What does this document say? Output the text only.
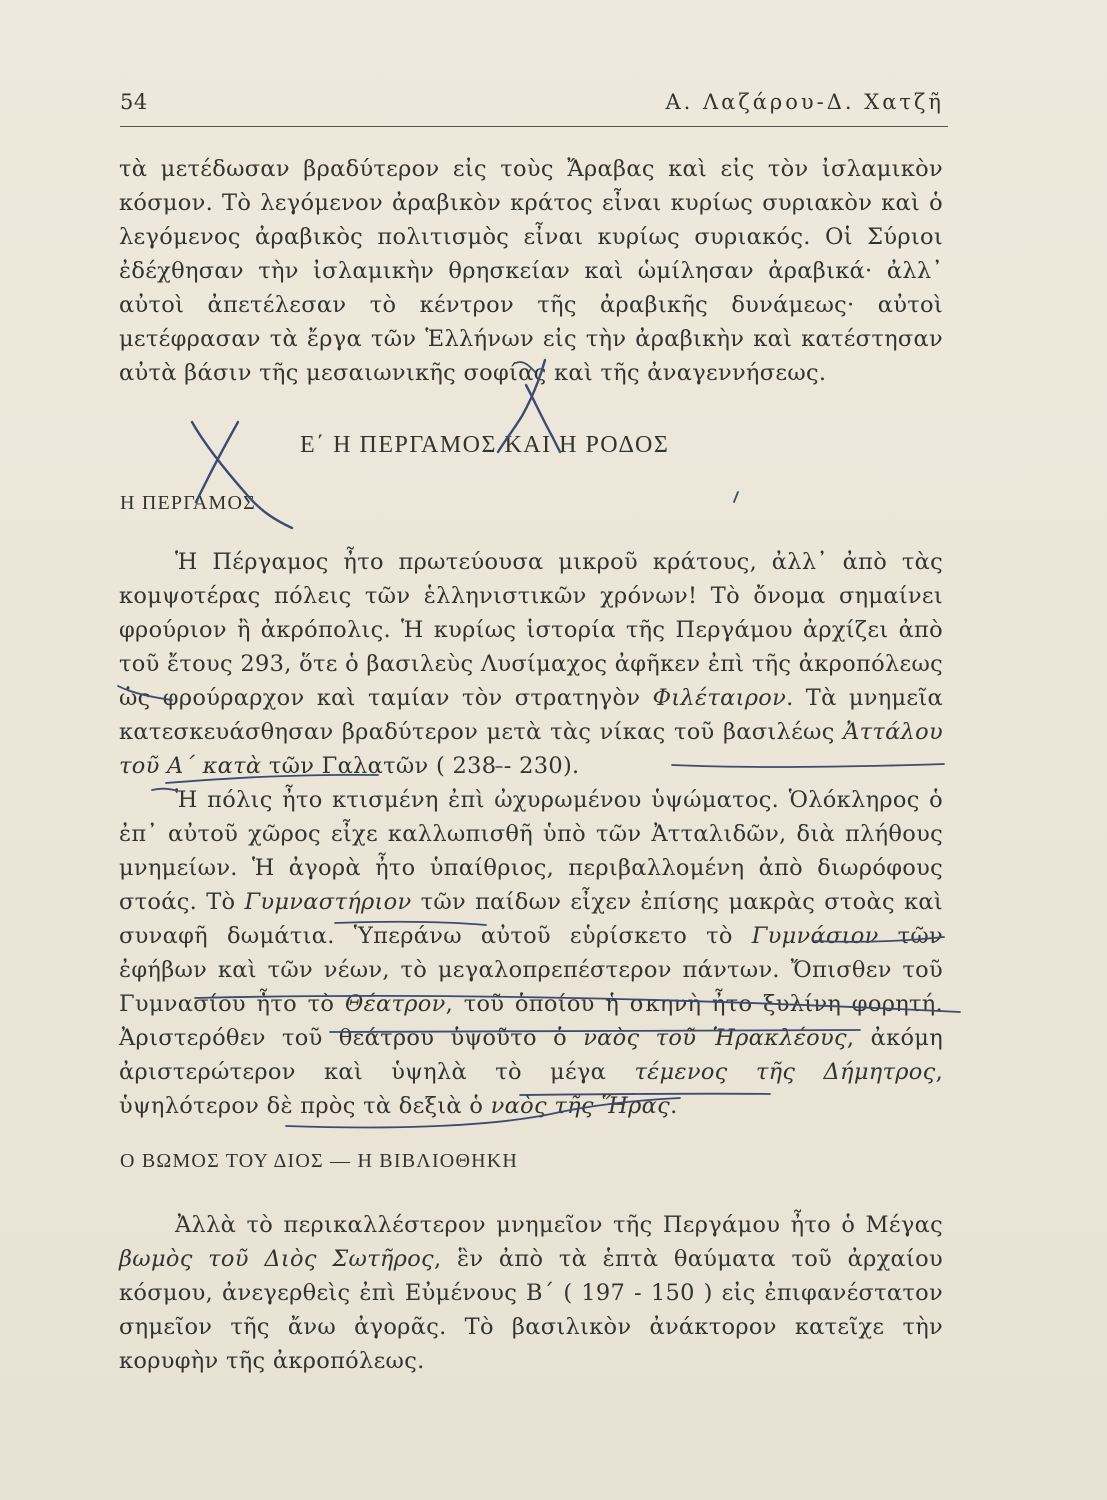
54	Α. Λαζάρου-Δ. Χατζῆ

τὰ μετέδωσαν βραδύτερον εἰς τοὺς Ἄραβας καὶ εἰς τὸν ἰσλαμικὸν κόσμον. Τὸ λεγόμενον ἀραβικὸν κράτος εἶναι κυρίως συριακὸν καὶ ὁ λεγόμενος ἀραβικὸς πολιτισμὸς εἶναι κυρίως συριακός. Οἱ Σύριοι ἐδέχθησαν τὴν ἰσλαμικὴν θρησκείαν καὶ ὡμίλησαν ἀραβικά· ἀλλ᾿ αὐτοὶ ἀπετέλεσαν τὸ κέντρον τῆς ἀραβικῆς δυνάμεως· αὐτοὶ μετέφρασαν τὰ ἔργα τῶν Ἑλλήνων εἰς τὴν ἀραβικὴν καὶ κατέστησαν αὐτὰ βάσιν τῆς μεσαιωνικῆς σοφίας καὶ τῆς ἀναγεννήσεως.

Ε΄ Η ΠΕΡΓΑΜΟΣ ΚΑΙ Η ΡΟΔΟΣ
Η ΠΕΡΓΑΜΟΣ

Ἡ Πέργαμος ἦτο πρωτεύουσα μικροῦ κράτους, ἀλλ᾿ ἀπὸ τὰς κομψοτέρας πόλεις τῶν ἑλληνιστικῶν χρόνων! Τὸ ὄνομα σημαίνει φρούριον ἢ ἀκρόπολις. Ἡ κυρίως ἱστορία τῆς Περγάμου ἀρχίζει ἀπὸ τοῦ ἔτους 293, ὅτε ὁ βασιλεὺς Λυσίμαχος ἀφῆκεν ἐπὶ τῆς ἀκροπόλεως ὡς φρούραρχον καὶ ταμίαν τὸν στρατηγὸν Φιλέταιρον. Τὰ μνημεῖα κατεσκευάσθησαν βραδύτερον μετὰ τὰς νίκας τοῦ βασιλέως Ἀττάλου τοῦ Α΄ κατὰ τῶν Γαλατῶν ( 238 - 230).

Ἡ πόλις ἦτο κτισμένη ἐπὶ ὠχυρωμένου ὑψώματος. Ὁλόκληρος ὁ ἐπ᾿ αὐτοῦ χῶρος εἶχε καλλωπισθῆ ὑπὸ τῶν Ἀτταλιδῶν, διὰ πλήθους μνημείων. Ἡ ἀγορὰ ἦτο ὑπαίθριος, περιβαλλομένη ἀπὸ διωρόφους στοάς. Τὸ Γυμναστήριον τῶν παίδων εἶχεν ἐπίσης μακρὰς στοὰς καὶ συναφῆ δωμάτια. Ὑπεράνω αὐτοῦ εὑρίσκετο τὸ Γυμνάσιον τῶν ἐφήβων καὶ τῶν νέων, τὸ μεγαλοπρεπέστερον πάντων. Ὄπισθεν τοῦ Γυμνασίου ἦτο τὸ Θέατρον, τοῦ ὁποίου ἡ σκηνὴ ἦτο ξυλίνη φορητή. Ἀριστερόθεν τοῦ θεάτρου ὑψοῦτο ὁ ναὸς τοῦ Ἡρακλέους, ἀκόμη ἀριστερώτερον καὶ ὑψηλὰ τὸ μέγα τέμενος τῆς Δήμητρος, ὑψηλότερον δὲ πρὸς τὰ δεξιὰ ὁ ναὸς τῆς Ἥρας.

Ο ΒΩΜΟΣ ΤΟΥ ΔΙΟΣ — Η ΒΙΒΛΙΟΘΗΚΗ

Ἀλλὰ τὸ περικαλλέστερον μνημεῖον τῆς Περγάμου ἦτο ὁ Μέγας βωμὸς τοῦ Διὸς Σωτῆρος, ἓν ἀπὸ τὰ ἑπτὰ θαύματα τοῦ ἀρχαίου κόσμου, ἀνεγερθεὶς ἐπὶ Εὐμένους Β΄ ( 197 - 150 ) εἰς ἐπιφανέστατον σημεῖον τῆς ἄνω ἀγορᾶς. Τὸ βασιλικὸν ἀνάκτορον κατεῖχε τὴν κορυφὴν τῆς ἀκροπόλεως.
